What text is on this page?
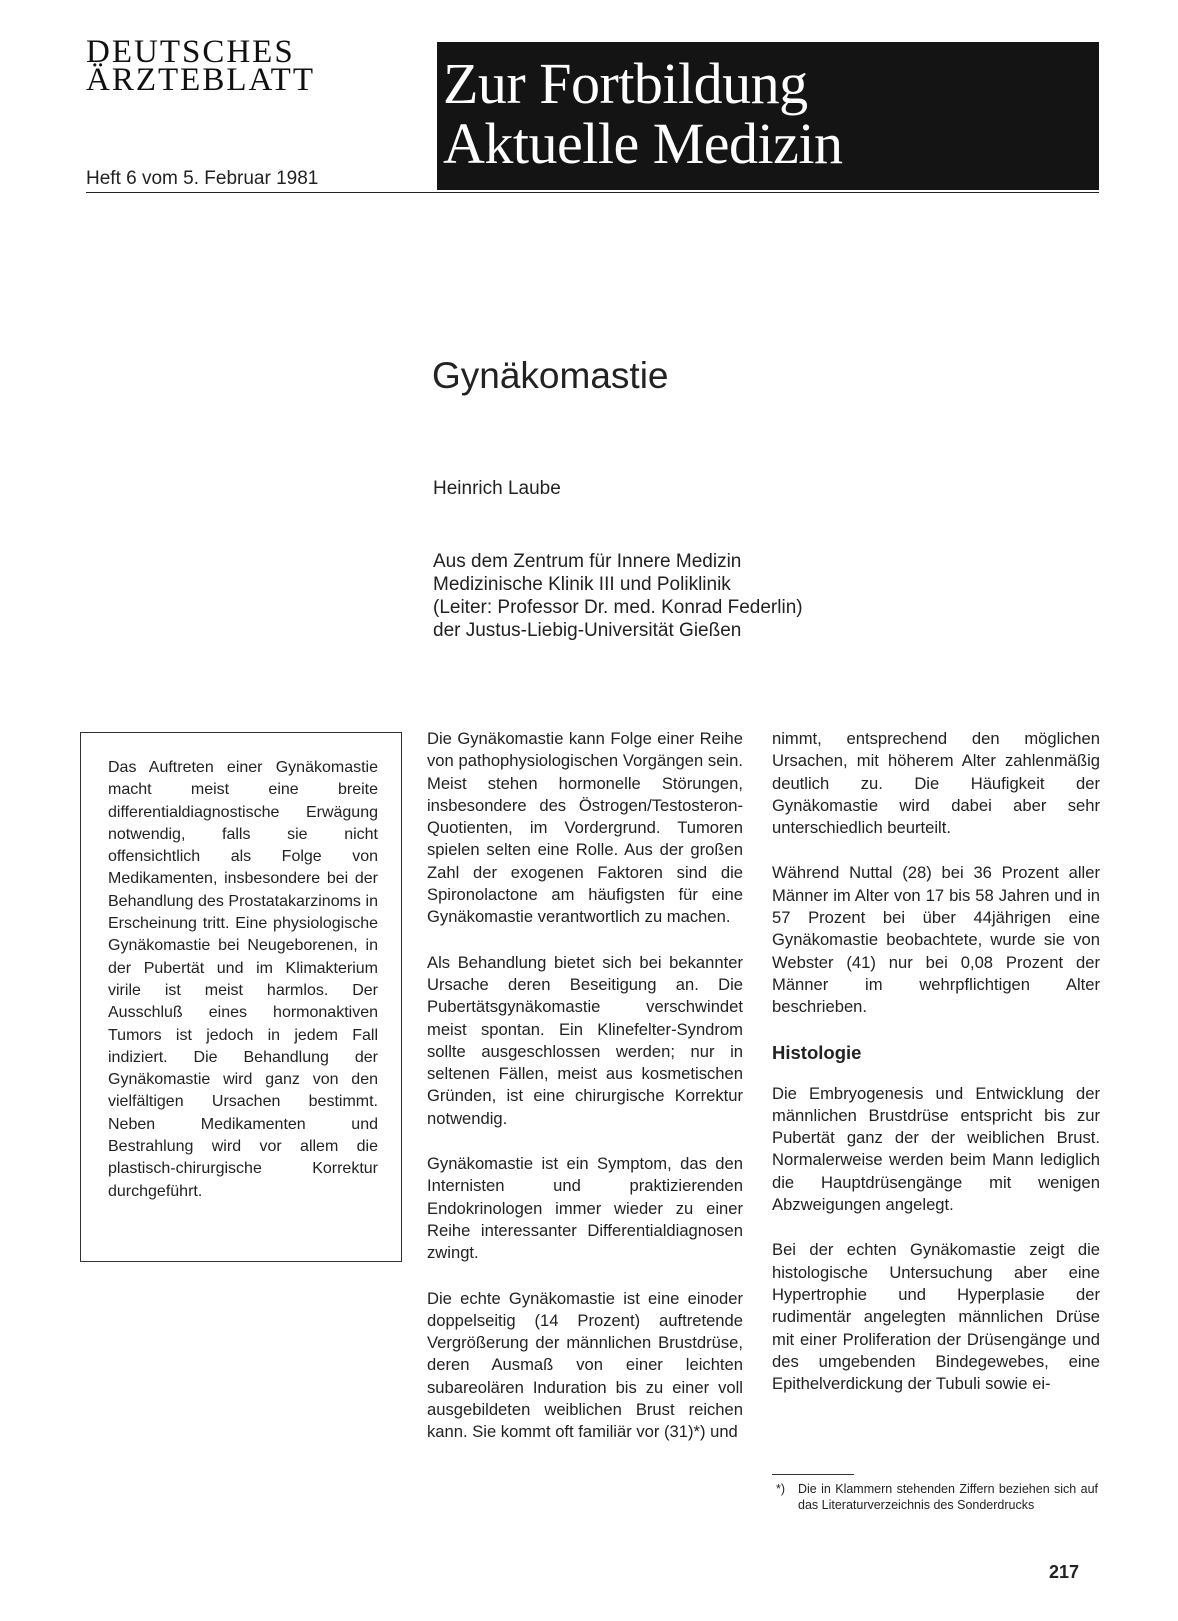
DEUTSCHES
ÄRZTEBLATT
Heft 6 vom 5. Februar 1981
Zur Fortbildung
Aktuelle Medizin
Gynäkomastie
Heinrich Laube
Aus dem Zentrum für Innere Medizin
Medizinische Klinik III und Poliklinik
(Leiter: Professor Dr. med. Konrad Federlin)
der Justus-Liebig-Universität Gießen
Das Auftreten einer Gynäkomastie macht meist eine breite differentialdiagnostische Erwägung notwendig, falls sie nicht offensichtlich als Folge von Medikamenten, insbesondere bei der Behandlung des Prostatakarzinoms in Erscheinung tritt. Eine physiologische Gynäkomastie bei Neugeborenen, in der Pubertät und im Klimakterium virile ist meist harmlos. Der Ausschluß eines hormonaktiven Tumors ist jedoch in jedem Fall indiziert. Die Behandlung der Gynäkomastie wird ganz von den vielfältigen Ursachen bestimmt. Neben Medikamenten und Bestrahlung wird vor allem die plastisch-chirurgische Korrektur durchgeführt.

Die Gynäkomastie kann Folge einer Reihe von pathophysiologischen Vorgängen sein. Meist stehen hormonelle Störungen, insbesondere des Östrogen/Testosteron-Quotienten, im Vordergrund. Tumoren spielen selten eine Rolle. Aus der großen Zahl der exogenen Faktoren sind die Spironolactone am häufigsten für eine Gynäkomastie verantwortlich zu machen.

Als Behandlung bietet sich bei bekannter Ursache deren Beseitigung an. Die Pubertätsgynäkomastie verschwindet meist spontan. Ein Klinefelter-Syndrom sollte ausgeschlossen werden; nur in seltenen Fällen, meist aus kosmetischen Gründen, ist eine chirurgische Korrektur notwendig.

Gynäkomastie ist ein Symptom, das den Internisten und praktizierenden Endokrinologen immer wieder zu einer Reihe interessanter Differentialdiagnosen zwingt.

Die echte Gynäkomastie ist eine einoder doppelseitig (14 Prozent) auftretende Vergrößerung der männlichen Brustdrüse, deren Ausmaß von einer leichten subareolären Induration bis zu einer voll ausgebildeten weiblichen Brust reichen kann. Sie kommt oft familiär vor (31)*) und

nimmt, entsprechend den möglichen Ursachen, mit höherem Alter zahlenmäßig deutlich zu. Die Häufigkeit der Gynäkomastie wird dabei aber sehr unterschiedlich beurteilt.

Während Nuttal (28) bei 36 Prozent aller Männer im Alter von 17 bis 58 Jahren und in 57 Prozent bei über 44jährigen eine Gynäkomastie beobachtete, wurde sie von Webster (41) nur bei 0,08 Prozent der Männer im wehrpflichtigen Alter beschrieben.

Histologie

Die Embryogenesis und Entwicklung der männlichen Brustdrüse entspricht bis zur Pubertät ganz der der weiblichen Brust. Normalerweise werden beim Mann lediglich die Hauptdrüsengänge mit wenigen Abzweigungen angelegt.

Bei der echten Gynäkomastie zeigt die histologische Untersuchung aber eine Hypertrophie und Hyperplasie der rudimentär angelegten männlichen Drüse mit einer Proliferation der Drüsengänge und des umgebenden Bindegewebes, eine Epithelverdickung der Tubuli sowie ei-

*) Die in Klammern stehenden Ziffern beziehen sich auf das Literaturverzeichnis des Sonderdrucks
217
